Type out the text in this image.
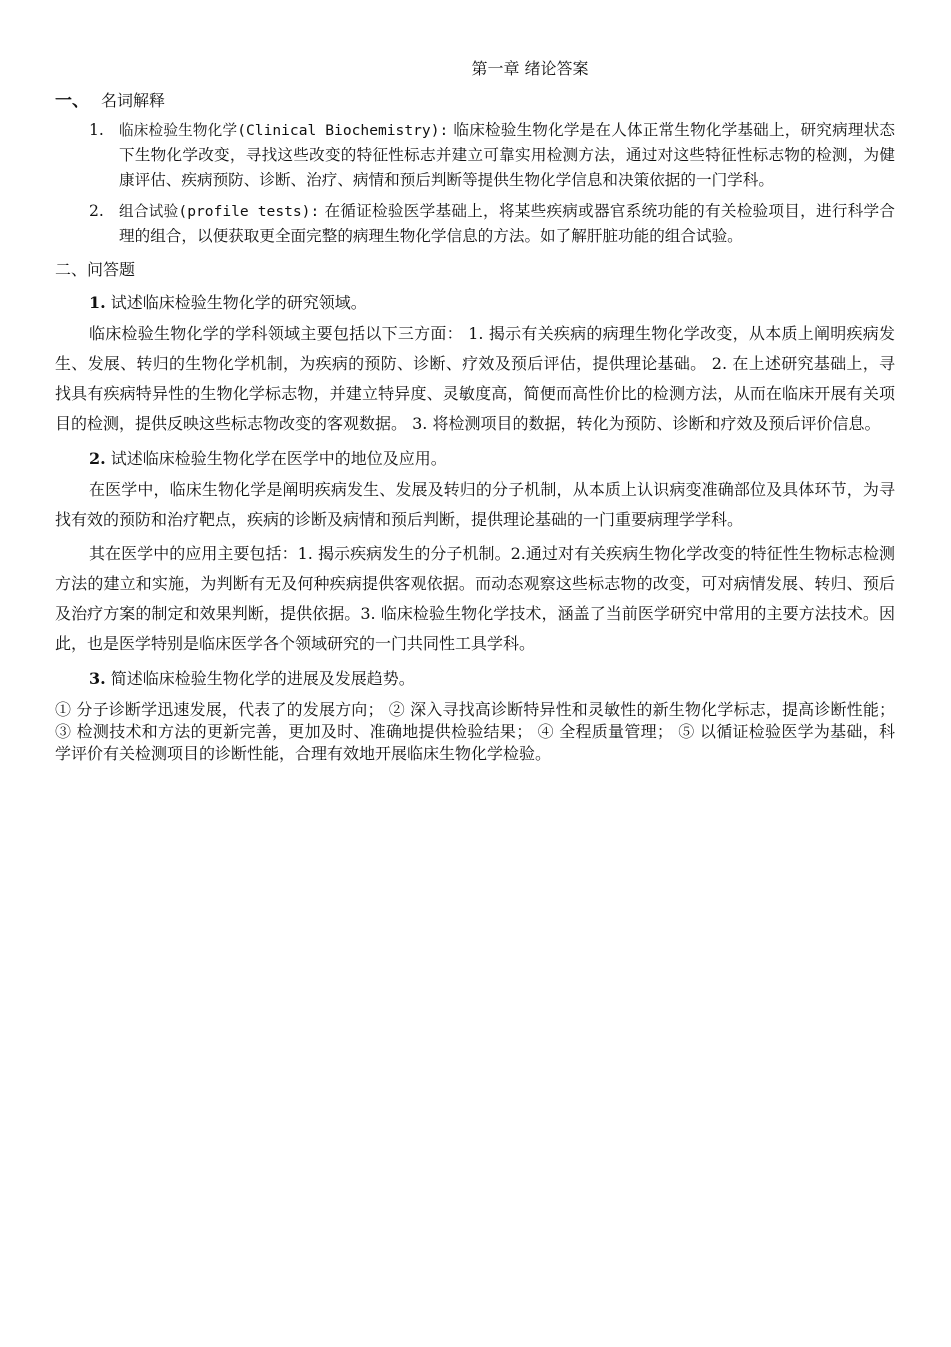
第一章 绪论答案
一、 名词解释
1. 临床检验生物化学(Clinical Biochemistry): 临床检验生物化学是在人体正常生物化学基础上，研究病理状态下生物化学改变，寻找这些改变的特征性标志并建立可靠实用检测方法，通过对这些特征性标志物的检测，为健康评估、疾病预防、诊断、治疗、病情和预后判断等提供生物化学信息和决策依据的一门学科。
2. 组合试验(profile tests): 在循证检验医学基础上，将某些疾病或器官系统功能的有关检验项目，进行科学合理的组合，以便获取更全面完整的病理生物化学信息的方法。如了解肝脏功能的组合试验。
二、问答题
1. 试述临床检验生物化学的研究领域。
临床检验生物化学的学科领域主要包括以下三方面： 1. 揭示有关疾病的病理生物化学改变，从本质上阐明疾病发生、发展、转归的生物化学机制，为疾病的预防、诊断、疗效及预后评估，提供理论基础。 2. 在上述研究基础上，寻找具有疾病特异性的生物化学标志物，并建立特异度、灵敏度高，简便而高性价比的检测方法，从而在临床开展有关项目的检测，提供反映这些标志物改变的客观数据。 3. 将检测项目的数据，转化为预防、诊断和疗效及预后评价信息。
2. 试述临床检验生物化学在医学中的地位及应用。
在医学中，临床生物化学是阐明疾病发生、发展及转归的分子机制，从本质上认识病变准确部位及具体环节，为寻找有效的预防和治疗靶点，疾病的诊断及病情和预后判断，提供理论基础的一门重要病理学学科。
其在医学中的应用主要包括：1. 揭示疾病发生的分子机制。2.通过对有关疾病生物化学改变的特征性生物标志检测方法的建立和实施，为判断有无及何种疾病提供客观依据。而动态观察这些标志物的改变，可对病情发展、转归、预后及治疗方案的制定和效果判断，提供依据。3. 临床检验生物化学技术，涵盖了当前医学研究中常用的主要方法技术。因此，也是医学特别是临床医学各个领域研究的一门共同性工具学科。
3. 简述临床检验生物化学的进展及发展趋势。
① 分子诊断学迅速发展，代表了的发展方向； ② 深入寻找高诊断特异性和灵敏性的新生物化学标志，提高诊断性能； ③ 检测技术和方法的更新完善，更加及时、准确地提供检验结果； ④ 全程质量管理； ⑤ 以循证检验医学为基础，科学评价有关检测项目的诊断性能，合理有效地开展临床生物化学检验。
